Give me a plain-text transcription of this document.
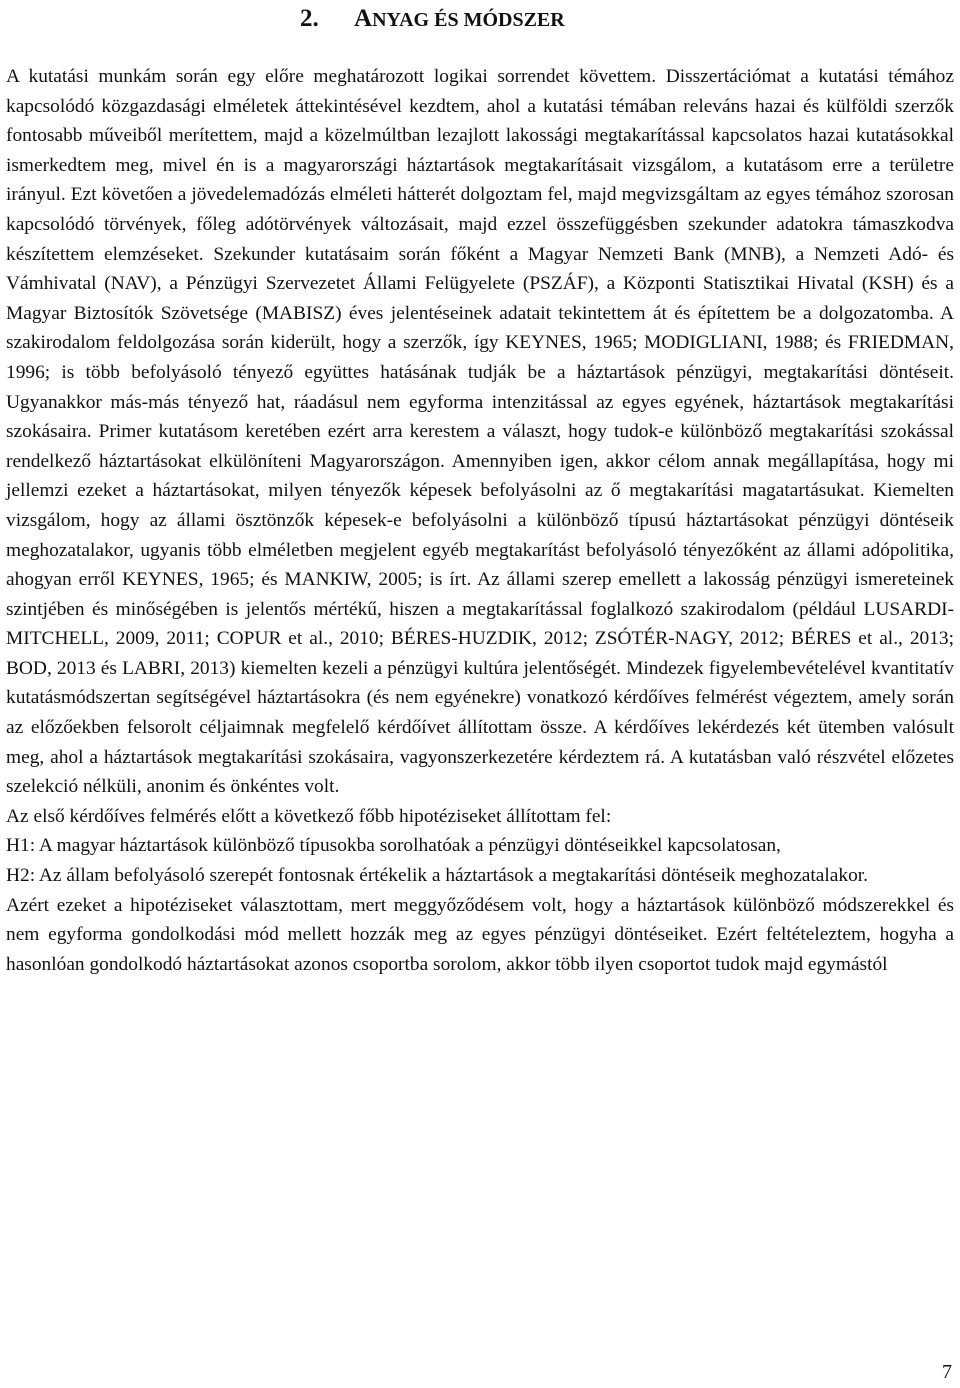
2. ANYAG ÉS MÓDSZER

A kutatási munkám során egy előre meghatározott logikai sorrendet követtem. Disszertációmat a kutatási témához kapcsolódó közgazdasági elméletek áttekintésével kezdtem, ahol a kutatási témában releváns hazai és külföldi szerzők fontosabb műveiből merítettem, majd a közelmúltban lezajlott lakossági megtakarítással kapcsolatos hazai kutatásokkal ismerkedtem meg, mivel én is a magyarországi háztartások megtakarításait vizsgálom, a kutatásom erre a területre irányul. Ezt követően a jövedelemadózás elméleti hátterét dolgoztam fel, majd megvizsgáltam az egyes témához szorosan kapcsolódó törvények, főleg adótörvények változásait, majd ezzel összefüggésben szekunder adatokra támaszkodva készítettem elemzéseket. Szekunder kutatásaim során főként a Magyar Nemzeti Bank (MNB), a Nemzeti Adó- és Vámhivatal (NAV), a Pénzügyi Szervezetet Állami Felügyelete (PSZÁF), a Központi Statisztikai Hivatal (KSH) és a Magyar Biztosítók Szövetsége (MABISZ) éves jelentéseinek adatait tekintettem át és építettem be a dolgozatomba. A szakirodalom feldolgozása során kiderült, hogy a szerzők, így KEYNES, 1965; MODIGLIANI, 1988; és FRIEDMAN, 1996; is több befolyásoló tényező együttes hatásának tudják be a háztartások pénzügyi, megtakarítási döntéseit. Ugyanakkor más-más tényező hat, ráadásul nem egyforma intenzitással az egyes egyének, háztartások megtakarítási szokásaira. Primer kutatásom keretében ezért arra kerestem a választ, hogy tudok-e különböző megtakarítási szokással rendelkező háztartásokat elkülöníteni Magyarországon. Amennyiben igen, akkor célom annak megállapítása, hogy mi jellemzi ezeket a háztartásokat, milyen tényezők képesek befolyásolni az ő megtakarítási magatartásukat. Kiemelten vizsgálom, hogy az állami ösztönzők képesek-e befolyásolni a különböző típusú háztartásokat pénzügyi döntéseik meghozatalakor, ugyanis több elméletben megjelent egyéb megtakarítást befolyásoló tényezőként az állami adópolitika, ahogyan erről KEYNES, 1965; és MANKIW, 2005; is írt. Az állami szerep emellett a lakosság pénzügyi ismereteinek szintjében és minőségében is jelentős mértékű, hiszen a megtakarítással foglalkozó szakirodalom (például LUSARDI-MITCHELL, 2009, 2011; COPUR et al., 2010; BÉRES-HUZDIK, 2012; ZSÓTÉR-NAGY, 2012; BÉRES et al., 2013; BOD, 2013 és LABRI, 2013) kiemelten kezeli a pénzügyi kultúra jelentőségét. Mindezek figyelembevételével kvantitatív kutatásmódszertan segítségével háztartásokra (és nem egyénekre) vonatkozó kérdőíves felmérést végeztem, amely során az előzőekben felsorolt céljaimnak megfelelő kérdőívet állítottam össze. A kérdőíves lekérdezés két ütemben valósult meg, ahol a háztartások megtakarítási szokásaira, vagyonszerkezetére kérdeztem rá. A kutatásban való részvétel előzetes szelekció nélküli, anonim és önkéntes volt.

Az első kérdőíves felmérés előtt a következő főbb hipotéziseket állítottam fel:

H1: A magyar háztartások különböző típusokba sorolhatóak a pénzügyi döntéseikkel kapcsolatosan,

H2: Az állam befolyásoló szerepét fontosnak értékelik a háztartások a megtakarítási döntéseik meghozatalakor.

Azért ezeket a hipotéziseket választottam, mert meggyőződésem volt, hogy a háztartások különböző módszerekkel és nem egyforma gondolkodási mód mellett hozzák meg az egyes pénzügyi döntéseiket. Ezért feltételeztem, hogyha a hasonlóan gondolkodó háztartásokat azonos csoportba sorolom, akkor több ilyen csoportot tudok majd egymástól

7
